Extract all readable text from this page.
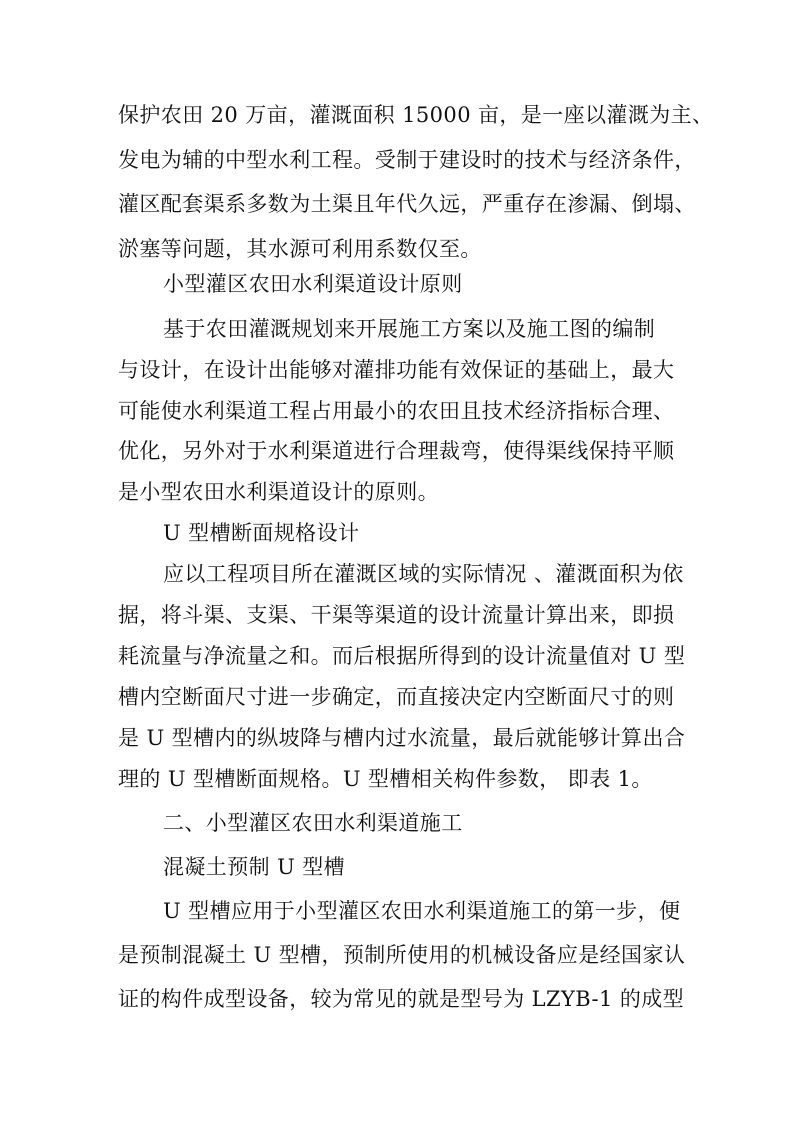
保护农田 20 万亩，灌溉面积 15000 亩，是一座以灌溉为主、
发电为辅的中型水利工程。受制于建设时的技术与经济条件，
灌区配套渠系多数为土渠且年代久远，严重存在渗漏、倒塌、
淤塞等问题，其水源可利用系数仅至。
小型灌区农田水利渠道设计原则
基于农田灌溉规划来开展施工方案以及施工图的编制
与设计，在设计出能够对灌排功能有效保证的基础上，最大
可能使水利渠道工程占用最小的农田且技术经济指标合理、
优化，另外对于水利渠道进行合理裁弯，使得渠线保持平顺
是小型农田水利渠道设计的原则。
U 型槽断面规格设计
应以工程项目所在灌溉区域的实际情况 、灌溉面积为依
据，将斗渠、支渠、干渠等渠道的设计流量计算出来，即损
耗流量与净流量之和。而后根据所得到的设计流量值对 U 型
槽内空断面尺寸进一步确定，而直接决定内空断面尺寸的则
是 U 型槽内的纵坡降与槽内过水流量，最后就能够计算出合
理的 U 型槽断面规格。U 型槽相关构件参数， 即表 1。
二、小型灌区农田水利渠道施工
混凝土预制 U 型槽
U 型槽应用于小型灌区农田水利渠道施工的第一步，便
是预制混凝土 U 型槽，预制所使用的机械设备应是经国家认
证的构件成型设备，较为常见的就是型号为 LZYB-1 的成型
